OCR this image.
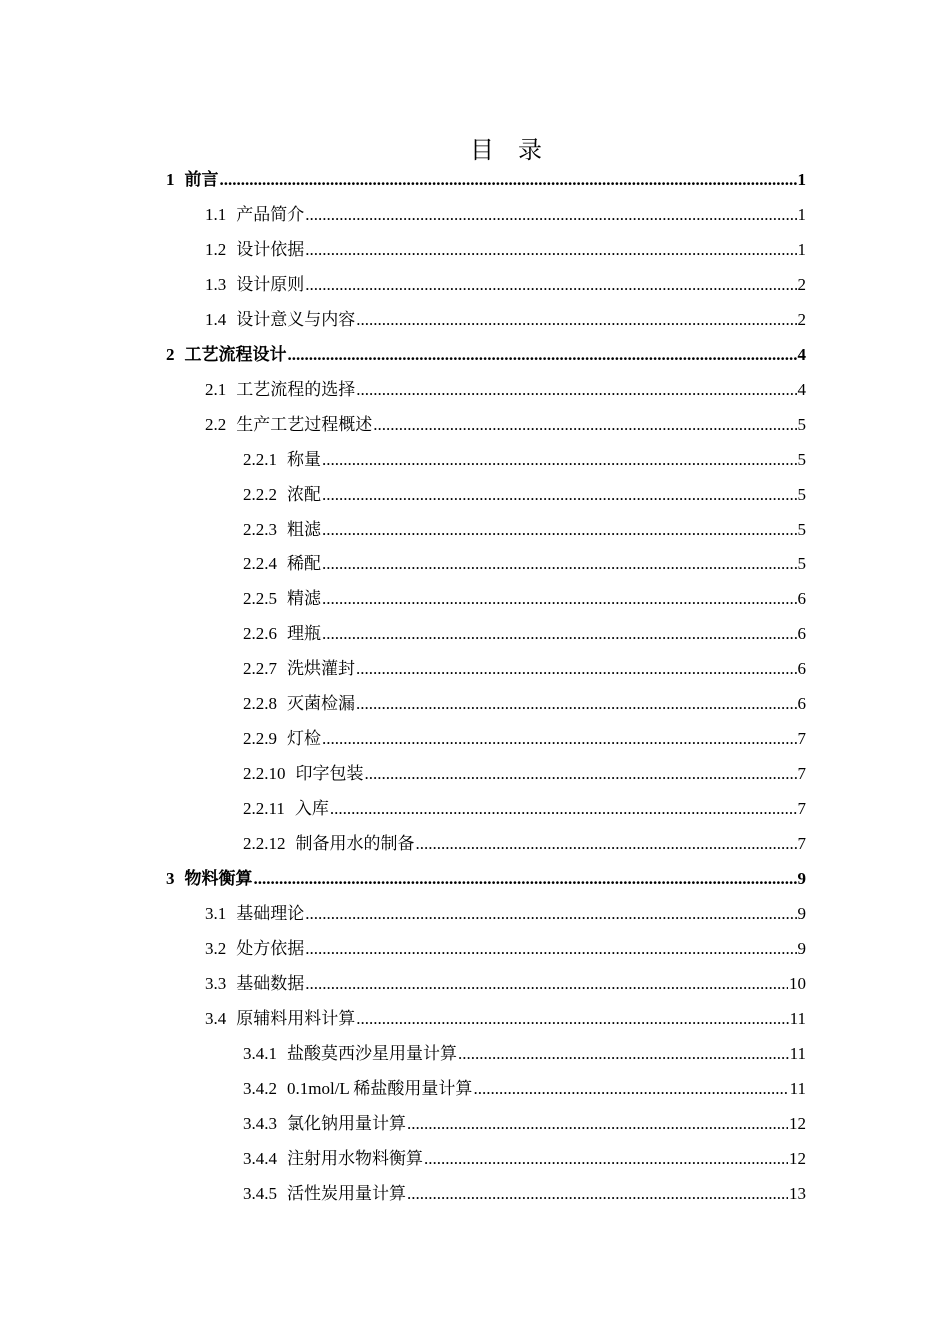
目    录
1 前言 .....	1
1.1 产品简介 .....	1
1.2 设计依据 .....	1
1.3 设计原则 .....	2
1.4 设计意义与内容 .....	2
2 工艺流程设计 .....	4
2.1 工艺流程的选择 .....	4
2.2 生产工艺过程概述 .....	5
2.2.1 称量 .....	5
2.2.2 浓配 .....	5
2.2.3 粗滤 .....	5
2.2.4 稀配 .....	5
2.2.5 精滤 .....	6
2.2.6 理瓶 .....	6
2.2.7 洗烘灌封 .....	6
2.2.8 灭菌检漏 .....	6
2.2.9 灯检 .....	7
2.2.10 印字包装 .....	7
2.2.11 入库 .....	7
2.2.12 制备用水的制备 .....	7
3 物料衡算 .....	9
3.1 基础理论 .....	9
3.2 处方依据 .....	9
3.3 基础数据 .....	10
3.4 原辅料用料计算 .....	11
3.4.1 盐酸莫西沙星用量计算 .....	11
3.4.2 0.1mol/L 稀盐酸用量计算 .....	11
3.4.3 氯化钠用量计算 .....	12
3.4.4 注射用水物料衡算 .....	12
3.4.5 活性炭用量计算 .....	13
